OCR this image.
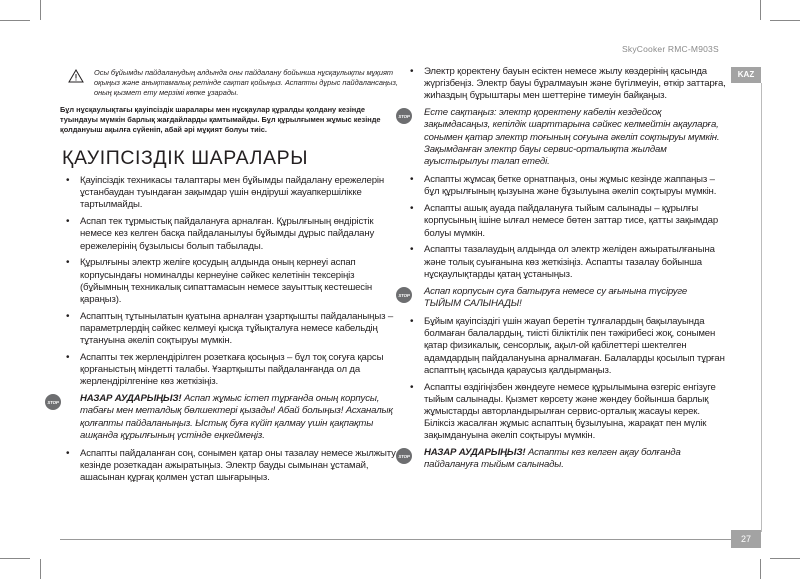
SkyCooker RMC-M903S
KAZ
27
Осы бұйымды пайдаланудың алдында оны пайдалану бойынша нұсқаулықты мұқият оқыңыз және анықтамалық ретінде сақтап қойыңыз. Аспапты дұрыс пайдалансаңыз, оның қызмет ету мерзімі көпке ұзарады.
Бұл нұсқаулықтағы қауіпсіздік шаралары мен нұсқаулар құралды қолдану кезінде туындауы мүмкін барлық жағдайларды қамтымайды. Бұл құрылғымен жұмыс кезінде қолдануыш ақылға сүйеніп, абай әрі мұқият болуы тиіс.
ҚАУІПСІЗДІК ШАРАЛАРЫ
• Қауіпсіздік техникасы талаптары мен бұйымды пайдалану ережелерін ұстанбаудан туындаған зақымдар үшін өндіруші жауапкершілікке тартылмайды.
• Аспап тек тұрмыстық пайдалануға арналған. Құрылғының өндірістік немесе кез келген басқа пайдаланылуы бұйымды дұрыс пайдалану ережелерінің бұзылысы болып табылады.
• Құрылғыны электр желіге қосудың алдында оның кернеуі аспап корпусындағы номиналды кернеуіне сәйкес келетінін тексеріңіз (бұйымның техникалық сипаттамасын немесе зауыттық кестешесін қараңыз).
• Аспаптың тұтынылатын қуатына арналған ұзартқышты пайдаланыңыз – параметрлердің сәйкес келмеуі қысқа тұйықталуға немесе кабельдің тұтануына әкеліп соқтыруы мүмкін.
• Аспапты тек жерлендірілген розеткаға қосыңыз – бұл тоқ соғуға қарсы қорғаныстың міндетті талабы. Ұзартқышты пайдаланғанда ол да жерлендірілгенінe көз жеткізіңіз.
STOP НАЗАР АУДАРЫҢЫЗ! Аспап жұмыс істеп тұрғанда оның корпусы, табағы мен металдық бөлшектері қызады! Абай болыңыз! Асханалық қолғапты пайдаланыңыз. Ыстық буға күйіп қалмау үшін қақпақты ашқанда құрылғының үстінде еңкеймеңіз.
• Аспапты пайдаланған соң, сонымен қатар оны тазалау немесе жылжыту кезінде розеткадан ажыратыңыз. Электр бауды сымынан ұстамай, ашасынан құрғақ қолмен ұстап шығарыңыз.
• Электр қоректену бауын есіктен немесе жылу көздерінің қасында жүргізбеңіз. Электр бауы бұралмауын және бүгілмеуін, өткір заттарға, жиһаздың бұрыштары мен шеттеріне тимеуін байқаңыз.
STOP Есте сақтаңыз: электр қоректену кабелін кездейсоқ зақымдасаңыз, кепілдік шарттарына сәйкес келмейтін ақауларға, сонымен қатар электр тоғының соғуына әкеліп соқтыруы мүмкін. Зақымданған электр бауы сервис-орталықта жылдам ауыстырылуы талап етеді.
• Аспапты жұмсақ бетке орнатпаңыз, оны жұмыс кезінде жаппаңыз – бұл құрылғының қызуына және бұзылуына әкеліп соқтыруы мүмкін.
• Аспапты ашық ауада пайдалануға тыйым салынады – құрылғы корпусының ішіне ылғал немесе бөтен заттар тисе, қатты зақымдар болуы мүмкін.
• Аспапты тазалаудың алдында ол электр желіден ажыратылғанына және толық суығанына көз жеткізіңіз. Аспапты тазалау бойынша нұсқаулықтарды қатаң ұстаныңыз.
STOP Аспап корпусын суға батыруға немесе су ағынына түсіруге ТЫЙЫМ САЛЫНАДЫ!
• Бұйым қауіпсіздігі үшін жауап беретін тұлғалардың бақылауында болмаған балалардың, тиісті біліктілік пен тәжірибесі жоқ, сонымен қатар физикалық, сенсорлық, ақыл-ой қабілеттері шектелген адамдардың пайдалануына арналмаған. Балаларды қосылып тұрған аспаптың қасында қараусыз қалдырмаңыз.
• Аспапты өздігіңізбен жөндеуге немесе құрылымына өзгеріс енгізуге тыйым салынады. Қызмет көрсету және жөндеу бойынша барлық жұмыстарды авторландырылған сервис-орталық жасауы керек. Біліксіз жасалған жұмыс аспаптың бұзылуына, жарақат пен мүлік зақымдануына әкеліп соқтыруы мүмкін.
STOP НАЗАР АУДАРЫҢЫЗ! Аспапты кез келген ақау болғанда пайдалануға тыйым салынады.
